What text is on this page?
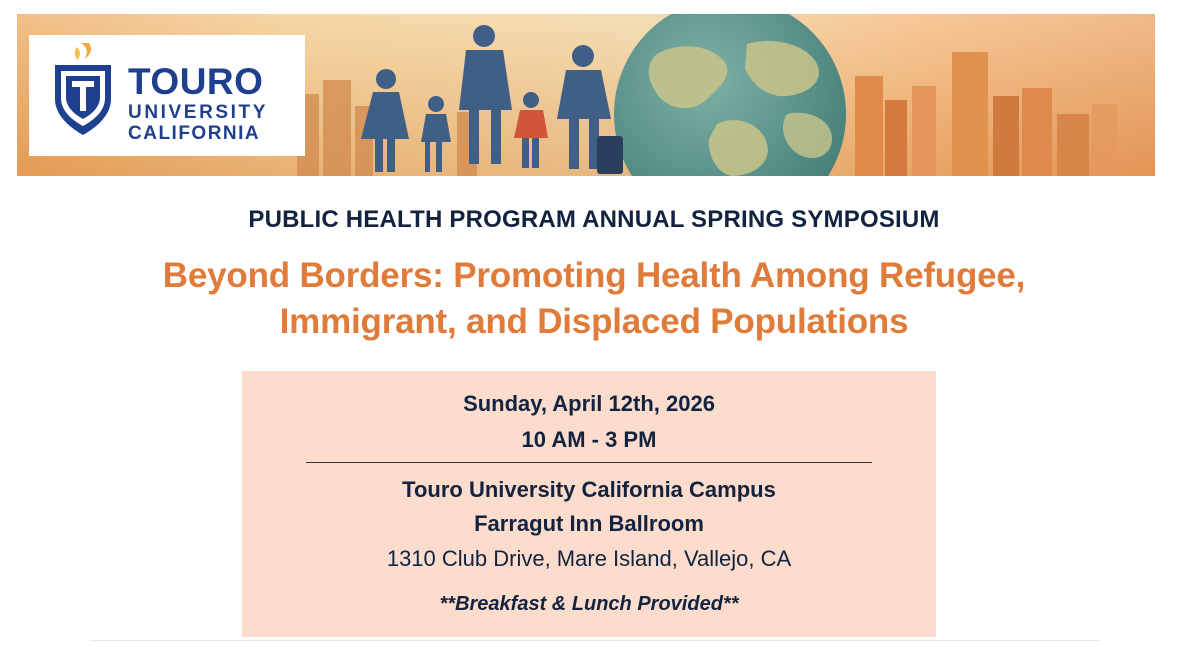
TOURO
UNIVERSITY
CALIFORNIA
PUBLIC HEALTH PROGRAM ANNUAL SPRING SYMPOSIUM
Beyond Borders: Promoting Health Among Refugee,
Immigrant, and Displaced Populations
Sunday, April 12th, 2026
10 AM - 3 PM
Touro University California Campus
Farragut Inn Ballroom
1310 Club Drive, Mare Island, Vallejo, CA
**Breakfast & Lunch Provided**
